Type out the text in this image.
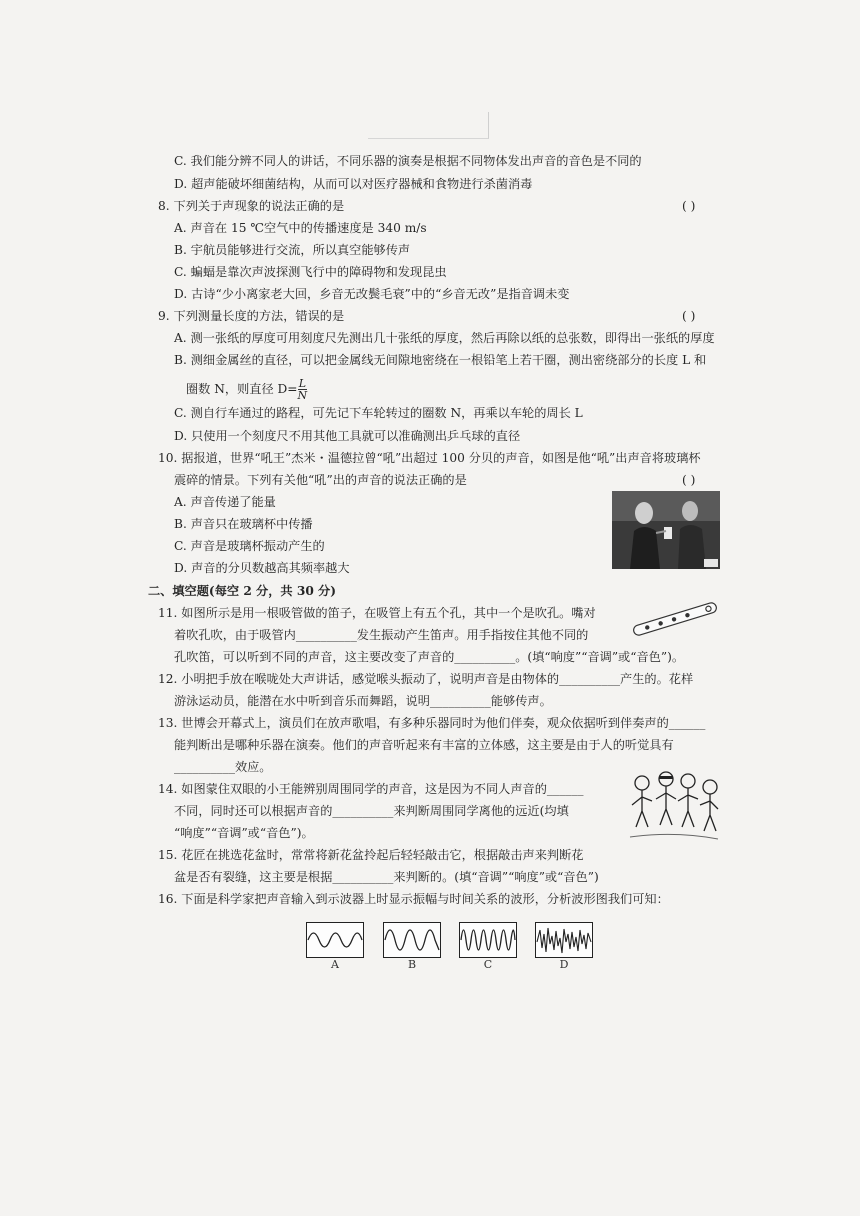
C. 我们能分辨不同人的讲话，不同乐器的演奏是根据不同物体发出声音的音色是不同的
D. 超声能破坏细菌结构，从而可以对医疗器械和食物进行杀菌消毒
8. 下列关于声现象的说法正确的是	( )
A. 声音在 15 ℃空气中的传播速度是 340 m/s
B. 宇航员能够进行交流，所以真空能够传声
C. 蝙蝠是靠次声波探测飞行中的障碍物和发现昆虫
D. 古诗“少小离家老大回，乡音无改鬓毛衰”中的“乡音无改”是指音调未变
9. 下列测量长度的方法，错误的是	( )
A. 测一张纸的厚度可用刻度尺先测出几十张纸的厚度，然后再除以纸的总张数，即得出一张纸的厚度
B. 测细金属丝的直径，可以把金属线无间隙地密绕在一根铅笔上若干圈，测出密绕部分的长度 L 和
圈数 N，则直径 $D= \frac{L}{N}$
C. 测自行车通过的路程，可先记下车轮转过的圈数 N，再乘以车轮的周长 L
D. 只使用一个刻度尺不用其他工具就可以准确测出乒乓球的直径
10. 据报道，世界“吼王”杰米・温德拉曾“吼”出超过 100 分贝的声音，如图是他“吼”出声音将玻璃杯
震碎的情景。下列有关他“吼”出的声音的说法正确的是	( )
A. 声音传递了能量
B. 声音只在玻璃杯中传播
C. 声音是玻璃杯振动产生的
D. 声音的分贝数越高其频率越大
二、填空题(每空 2 分，共 30 分)
11. 如图所示是用一根吸管做的笛子，在吸管上有五个孔，其中一个是吹孔。嘴对
着吹孔吹，由于吸管内__________发生振动产生笛声。用手指按住其他不同的
孔吹笛，可以听到不同的声音，这主要改变了声音的__________。(填“响度”“音调”或“音色”)。
12. 小明把手放在喉咙处大声讲话，感觉喉头振动了，说明声音是由物体的__________产生的。花样
游泳运动员，能潜在水中听到音乐而舞蹈，说明__________能够传声。
13. 世博会开幕式上，演员们在放声歌唱，有多种乐器同时为他们伴奏，观众依据听到伴奏声的______
能判断出是哪种乐器在演奏。他们的声音听起来有丰富的立体感，这主要是由于人的听觉具有
__________效应。
14. 如图蒙住双眼的小王能辨别周围同学的声音，这是因为不同人声音的______
不同，同时还可以根据声音的__________来判断周围同学离他的远近(均填
“响度”“音调”或“音色”)。
15. 花匠在挑选花盆时，常常将新花盆拎起后轻轻敲击它，根据敲击声来判断花
盆是否有裂缝，这主要是根据__________来判断的。(填“音调”“响度”或“音色”)
16. 下面是科学家把声音输入到示波器上时显示振幅与时间关系的波形，分析波形图我们可知：
A	B	C	D
